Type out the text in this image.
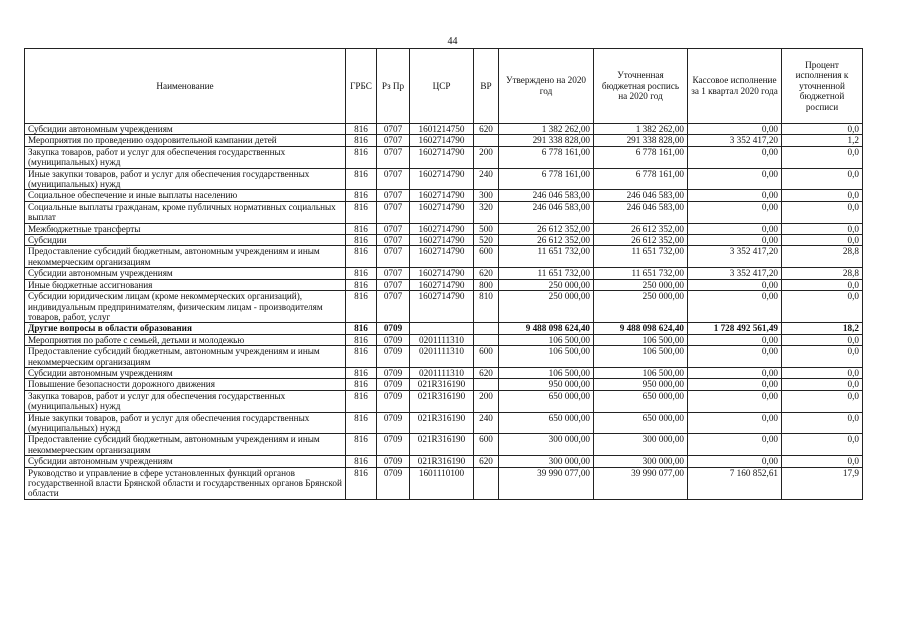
44
Наименование	ГРБС	Рз Пр	ЦСР	ВР	Утверждено на 2020 год	Уточненная бюджетная роспись на 2020 год	Кассовое исполнение за 1 квартал 2020 года	Процент исполнения к уточненной бюджетной росписи
Субсидии автономным учреждениям	816	0707	1601214750	620	1 382 262,00	1 382 262,00	0,00	0,0
Мероприятия по проведению оздоровительной кампании детей	816	0707	1602714790		291 338 828,00	291 338 828,00	3 352 417,20	1,2
Закупка товаров, работ и услуг для обеспечения государственных (муниципальных) нужд	816	0707	1602714790	200	6 778 161,00	6 778 161,00	0,00	0,0
Иные закупки товаров, работ и услуг для обеспечения государственных (муниципальных) нужд	816	0707	1602714790	240	6 778 161,00	6 778 161,00	0,00	0,0
Социальное обеспечение и иные выплаты населению	816	0707	1602714790	300	246 046 583,00	246 046 583,00	0,00	0,0
Социальные выплаты гражданам, кроме публичных нормативных социальных выплат	816	0707	1602714790	320	246 046 583,00	246 046 583,00	0,00	0,0
Межбюджетные трансферты	816	0707	1602714790	500	26 612 352,00	26 612 352,00	0,00	0,0
Субсидии	816	0707	1602714790	520	26 612 352,00	26 612 352,00	0,00	0,0
Предоставление субсидий бюджетным, автономным учреждениям и иным некоммерческим организациям	816	0707	1602714790	600	11 651 732,00	11 651 732,00	3 352 417,20	28,8
Субсидии автономным учреждениям	816	0707	1602714790	620	11 651 732,00	11 651 732,00	3 352 417,20	28,8
Иные бюджетные ассигнования	816	0707	1602714790	800	250 000,00	250 000,00	0,00	0,0
Субсидии юридическим лицам (кроме некоммерческих организаций), индивидуальным предпринимателям, физическим лицам - производителям товаров, работ, услуг	816	0707	1602714790	810	250 000,00	250 000,00	0,00	0,0
Другие вопросы в области образования	816	0709			9 488 098 624,40	9 488 098 624,40	1 728 492 561,49	18,2
Мероприятия по работе с семьей, детьми и молодежью	816	0709	0201111310		106 500,00	106 500,00	0,00	0,0
Предоставление субсидий бюджетным, автономным учреждениям и иным некоммерческим организациям	816	0709	0201111310	600	106 500,00	106 500,00	0,00	0,0
Субсидии автономным учреждениям	816	0709	0201111310	620	106 500,00	106 500,00	0,00	0,0
Повышение безопасности дорожного движения	816	0709	021R316190		950 000,00	950 000,00	0,00	0,0
Закупка товаров, работ и услуг для обеспечения государственных (муниципальных) нужд	816	0709	021R316190	200	650 000,00	650 000,00	0,00	0,0
Иные закупки товаров, работ и услуг для обеспечения государственных (муниципальных) нужд	816	0709	021R316190	240	650 000,00	650 000,00	0,00	0,0
Предоставление субсидий бюджетным, автономным учреждениям и иным некоммерческим организациям	816	0709	021R316190	600	300 000,00	300 000,00	0,00	0,0
Субсидии автономным учреждениям	816	0709	021R316190	620	300 000,00	300 000,00	0,00	0,0
Руководство и управление в сфере установленных функций органов государственной власти Брянской области и государственных органов Брянской области	816	0709	1601110100		39 990 077,00	39 990 077,00	7 160 852,61	17,9
